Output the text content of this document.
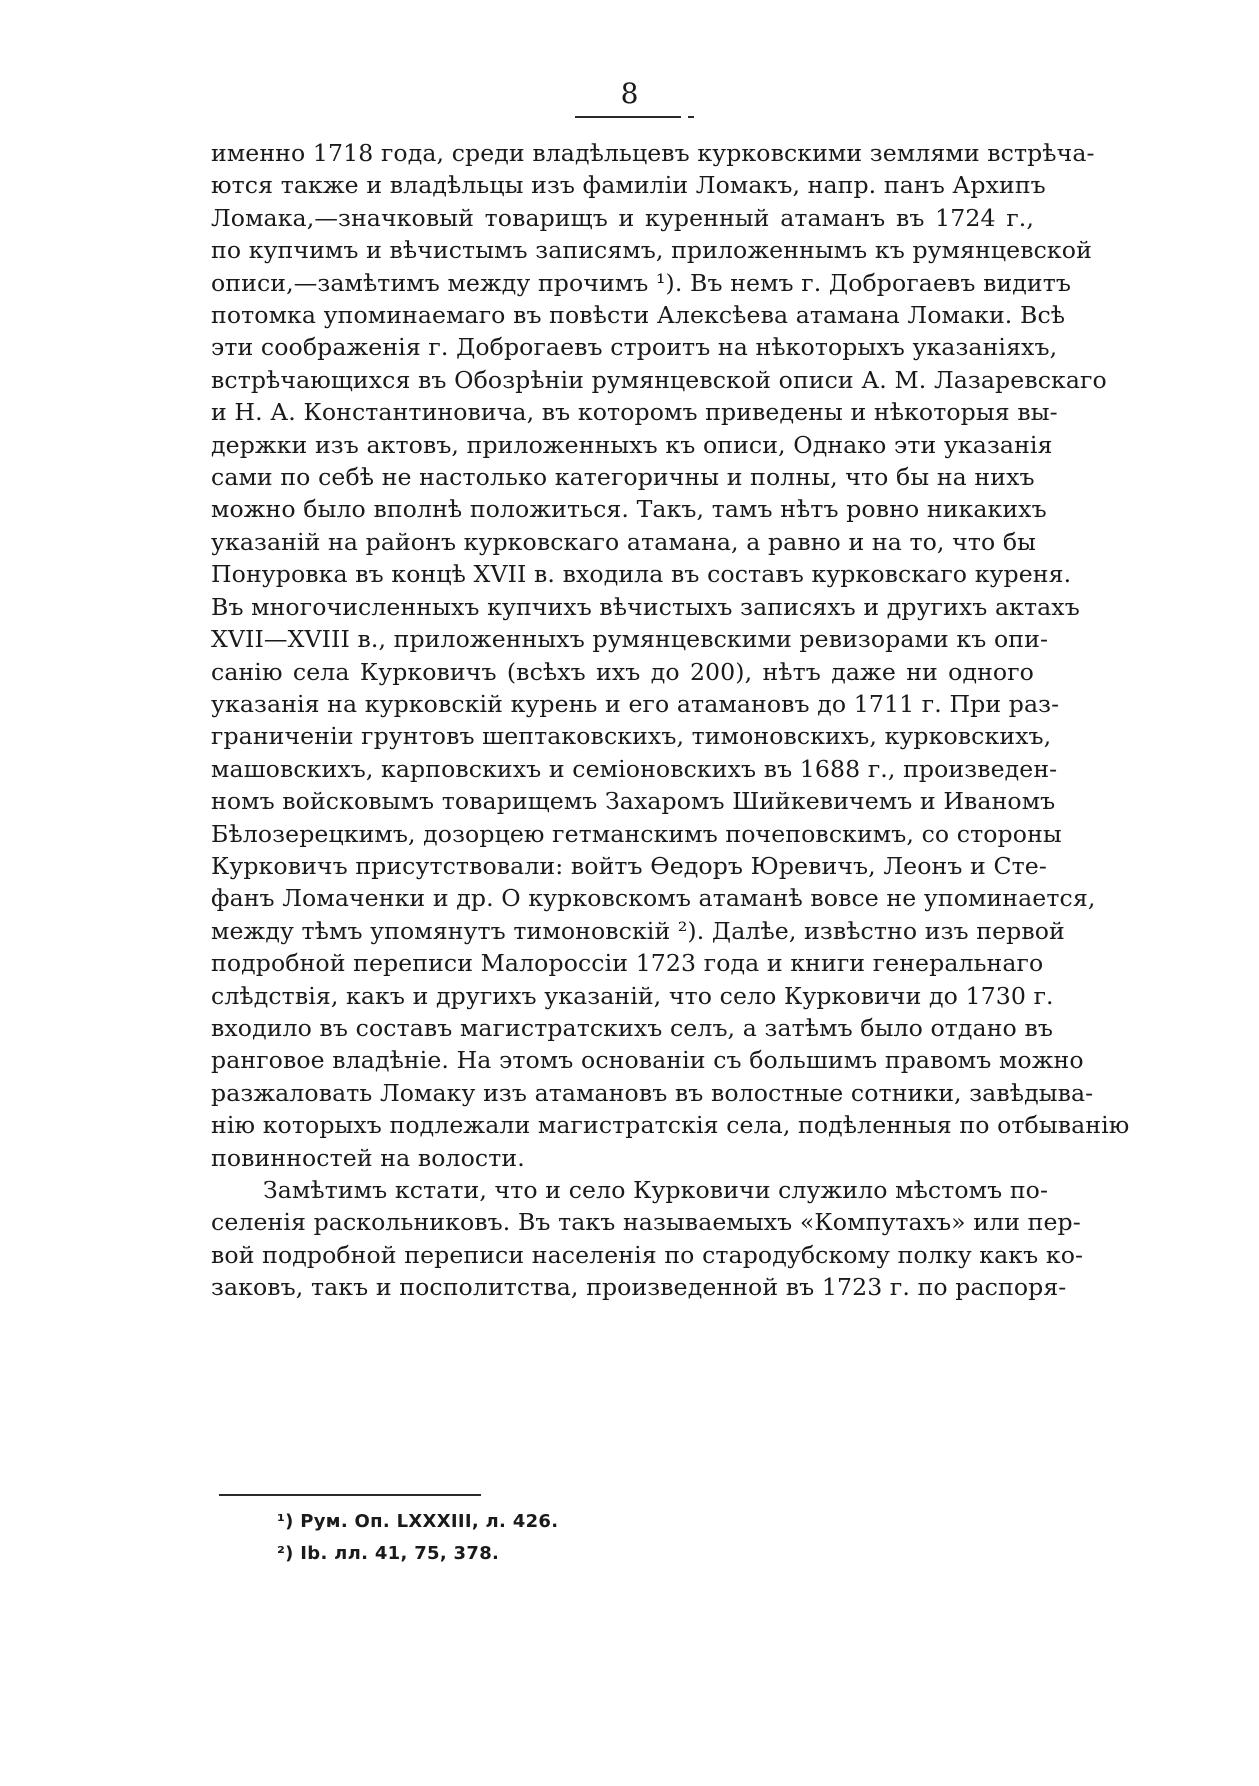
8
именно 1718 года, среди владѣльцевъ курковскими землями встрѣча-
ются также и владѣльцы изъ фамиліи Ломакъ, напр. панъ Архипъ
Ломака,—значковый товарищъ и куренный атаманъ въ 1724 г.,
по купчимъ и вѣчистымъ записямъ, приложеннымъ къ румянцевской
описи,—замѣтимъ между прочимъ ¹). Въ немъ г. Доброгаевъ видитъ
потомка упоминаемаго въ повѣсти Алексѣева атамана Ломаки. Всѣ
эти соображенія г. Доброгаевъ строитъ на нѣкоторыхъ указаніяхъ,
встрѣчающихся въ Обозрѣніи румянцевской описи А. М. Лазаревскаго
и Н. А. Константиновича, въ которомъ приведены и нѣкоторыя вы-
держки изъ актовъ, приложенныхъ къ описи, Однако эти указанія
сами по себѣ не настолько категоричны и полны, что бы на нихъ
можно было вполнѣ положиться. Такъ, тамъ нѣтъ ровно никакихъ
указаній на районъ курковскаго атамана, а равно и на то, что бы
Понуровка въ концѣ XVII в. входила въ составъ курковскаго куреня.
Въ многочисленныхъ купчихъ вѣчистыхъ записяхъ и другихъ актахъ
XVII—XVIII в., приложенныхъ румянцевскими ревизорами къ опи-
санію села Курковичъ (всѣхъ ихъ до 200), нѣтъ даже ни одного
указанія на курковскій курень и его атамановъ до 1711 г. При раз-
граниченіи грунтовъ шептаковскихъ, тимоновскихъ, курковскихъ,
машовскихъ, карповскихъ и семіоновскихъ въ 1688 г., произведен-
номъ войсковымъ товарищемъ Захаромъ Шийкевичемъ и Иваномъ
Бѣлозерецкимъ, дозорцею гетманскимъ почеповскимъ, со стороны
Курковичъ присутствовали: войтъ Ѳедоръ Юревичъ, Леонъ и Сте-
фанъ Ломаченки и др. О курковскомъ атаманѣ вовсе не упоминается,
между тѣмъ упомянутъ тимоновскій ²). Далѣе, извѣстно изъ первой
подробной переписи Малороссіи 1723 года и книги генеральнаго
слѣдствія, какъ и другихъ указаній, что село Курковичи до 1730 г.
входило въ составъ магистратскихъ селъ, а затѣмъ было отдано въ
ранговое владѣніе. На этомъ основаніи съ большимъ правомъ можно
разжаловать Ломаку изъ атамановъ въ волостные сотники, завѣдыва-
нію которыхъ подлежали магистратскія села, подѣленныя по отбыванію
повинностей на волости.
Замѣтимъ кстати, что и село Курковичи служило мѣстомъ по-
селенія раскольниковъ. Въ такъ называемыхъ «Компутахъ» или пер-
вой подробной переписи населенія по стародубскому полку какъ ко-
заковъ, такъ и посполитства, произведенной въ 1723 г. по распоря-
¹) Рум. Оп. LXXXIII, л. 426.
²) Ib. лл. 41, 75, 378.
